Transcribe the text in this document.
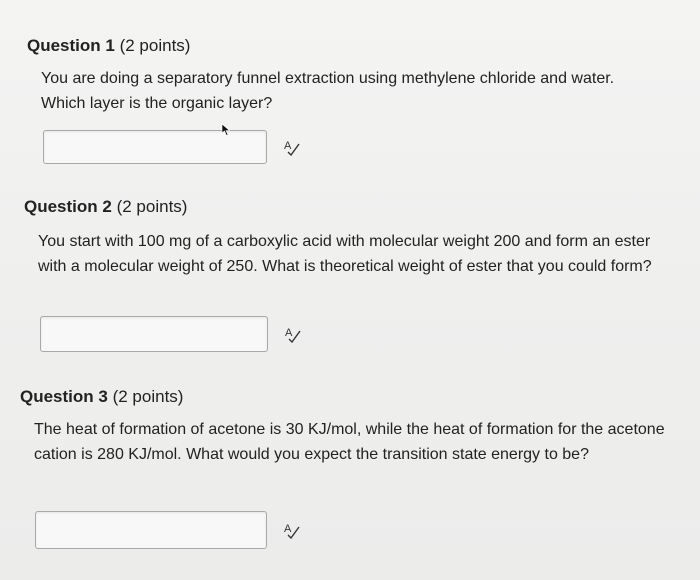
Question 1 (2 points)
You are doing a separatory funnel extraction using methylene chloride and water. Which layer is the organic layer?
A
Question 2 (2 points)
You start with 100 mg of a carboxylic acid with molecular weight 200 and form an ester with a molecular weight of 250. What is theoretical weight of ester that you could form?
A
Question 3 (2 points)
The heat of formation of acetone is 30 KJ/mol, while the heat of formation for the acetone cation is 280 KJ/mol. What would you expect the transition state energy to be?
A
